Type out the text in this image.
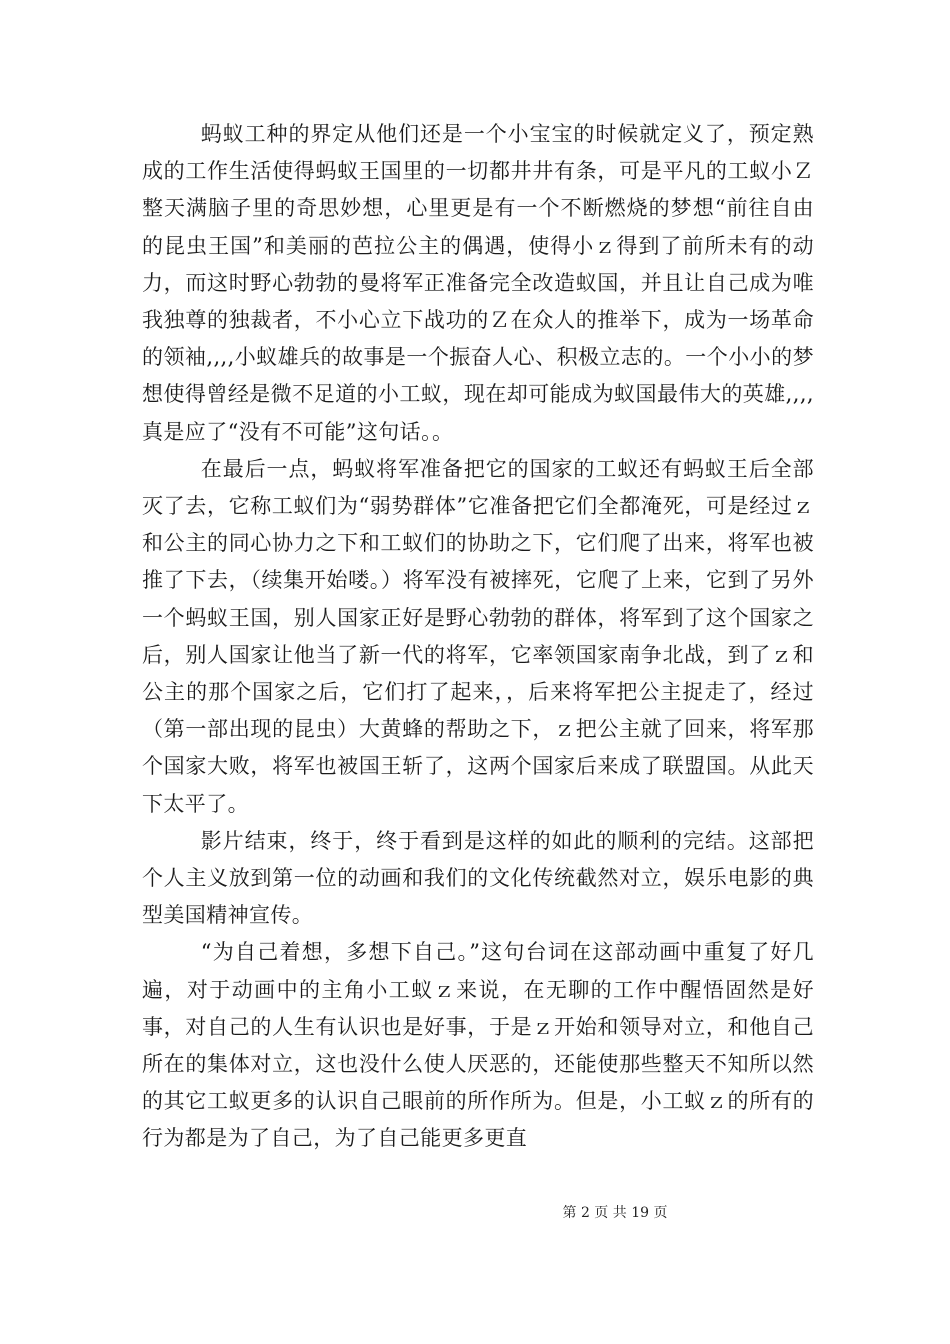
蚂蚁工种的界定从他们还是一个小宝宝的时候就定义了，预定熟成的工作生活使得蚂蚁王国里的一切都井井有条，可是平凡的工蚁小Ｚ整天满脑子里的奇思妙想，心里更是有一个不断燃烧的梦想“前往自由的昆虫王国”和美丽的芭拉公主的偶遇，使得小ｚ得到了前所未有的动力，而这时野心勃勃的曼将军正准备完全改造蚁国，并且让自己成为唯我独尊的独裁者，不小心立下战功的Ｚ在众人的推举下，成为一场革命的领袖,,,,小蚁雄兵的故事是一个振奋人心、积极立志的。一个小小的梦想使得曾经是微不足道的小工蚁，现在却可能成为蚁国最伟大的英雄,,,,真是应了“没有不可能”这句话。。

在最后一点，蚂蚁将军准备把它的国家的工蚁还有蚂蚁王后全部灭了去，它称工蚁们为“弱势群体”它准备把它们全都淹死，可是经过ｚ和公主的同心协力之下和工蚁们的协助之下，它们爬了出来，将军也被推了下去，（续集开始喽。）将军没有被摔死，它爬了上来，它到了另外一个蚂蚁王国，别人国家正好是野心勃勃的群体，将军到了这个国家之后，别人国家让他当了新一代的将军，它率领国家南争北战，到了ｚ和公主的那个国家之后，它们打了起来，，后来将军把公主捉走了，经过（第一部出现的昆虫）大黄蜂的帮助之下，ｚ把公主就了回来，将军那个国家大败，将军也被国王斩了，这两个国家后来成了联盟国。从此天下太平了。

影片结束，终于，终于看到是这样的如此的顺利的完结。这部把个人主义放到第一位的动画和我们的文化传统截然对立，娱乐电影的典型美国精神宣传。

“为自己着想，多想下自己。”这句台词在这部动画中重复了好几遍，对于动画中的主角小工蚁ｚ来说，在无聊的工作中醒悟固然是好事，对自己的人生有认识也是好事，于是ｚ开始和领导对立，和他自己所在的集体对立，这也没什么使人厌恶的，还能使那些整天不知所以然的其它工蚁更多的认识自己眼前的所作所为。但是，小工蚁ｚ的所有的行为都是为了自己，为了自己能更多更直

第 2 页 共 19 页
